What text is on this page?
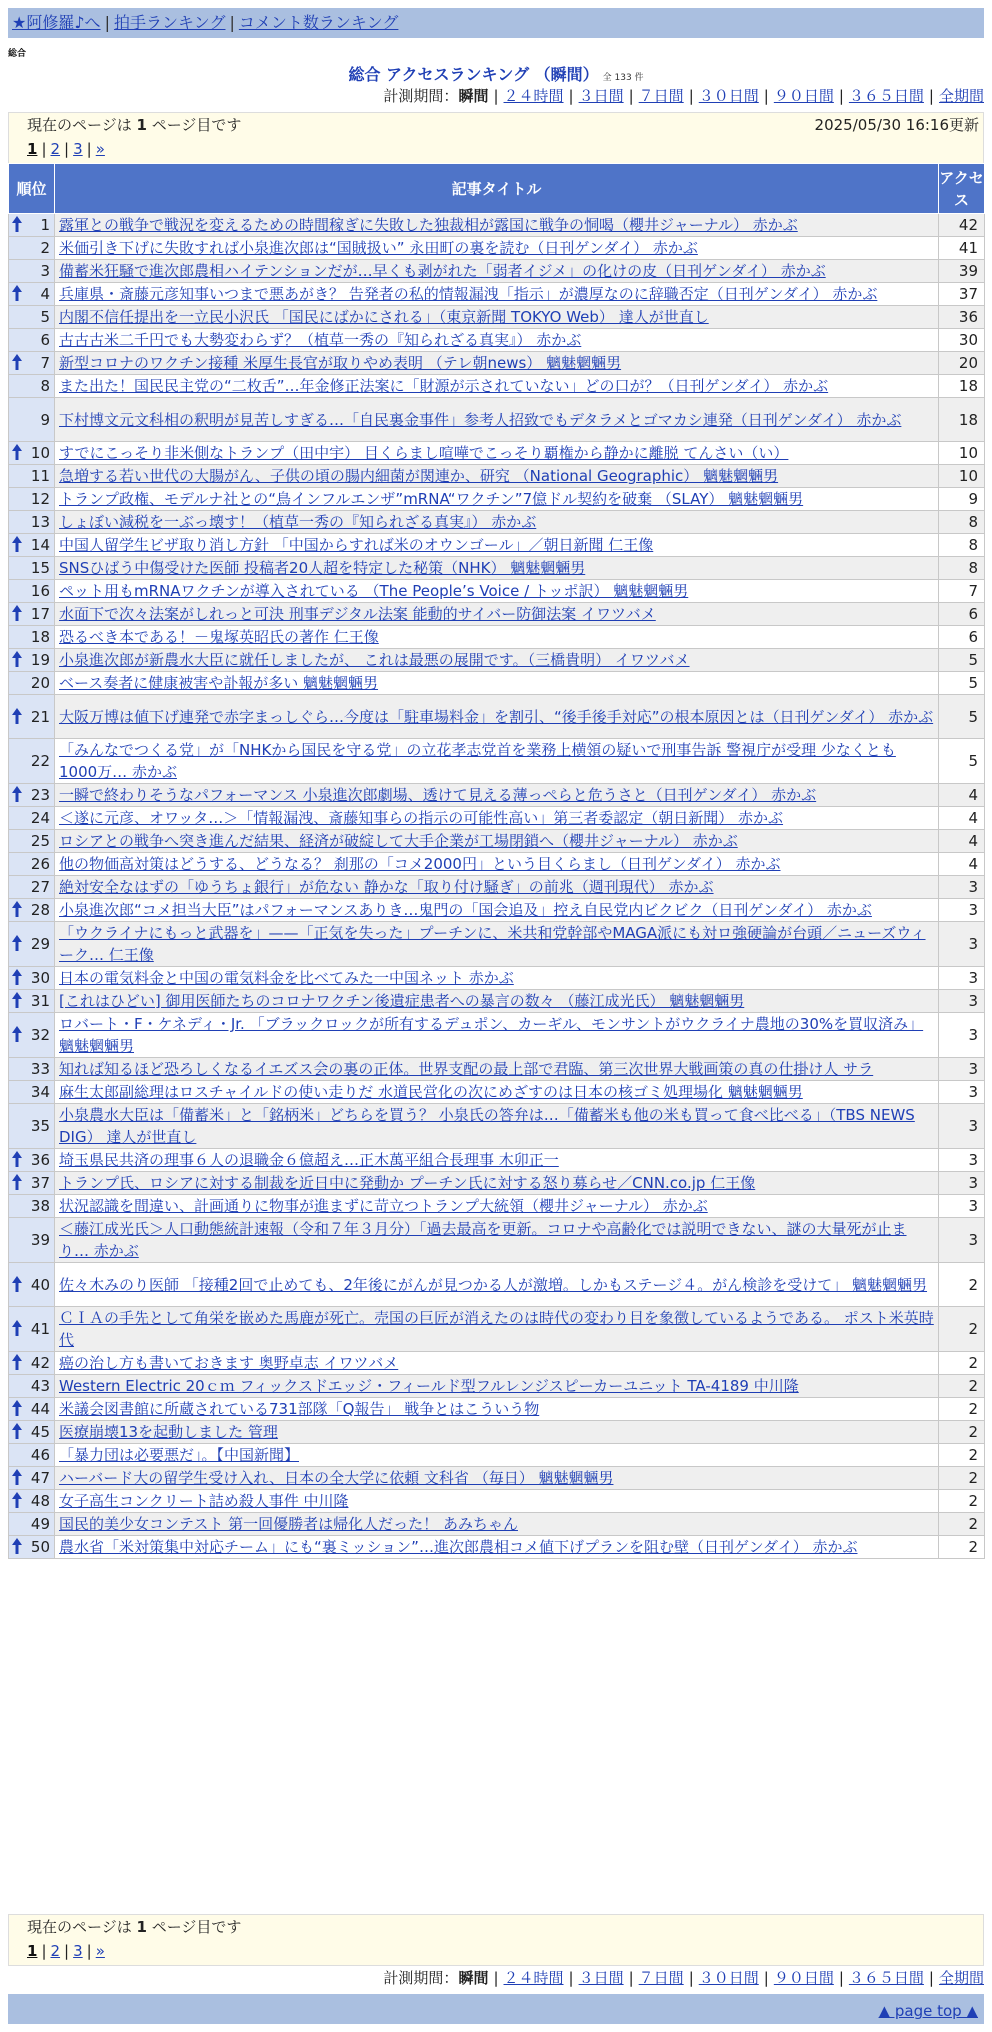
★阿修羅♪へ | 拍手ランキング | コメント数ランキング
総合
総合 アクセスランキング （瞬間） 全 133 件
計測期間：瞬間 | ２４時間 | ３日間 | ７日間 | ３０日間 | ９０日間 | ３６５日間 | 全期間
現在のページは 1 ページ目です	2025/05/30 16:16更新
1 | 2 | 3 | »
順位	記事タイトル	アクセス

1	露軍との戦争で戦況を変えるための時間稼ぎに失敗した独裁相が露国に戦争の恫喝（櫻井ジャーナル） 赤かぶ	42
2	米価引き下げに失敗すれば小泉進次郎は“国賊扱い” 永田町の裏を読む（日刊ゲンダイ） 赤かぶ	41
3	備蓄米狂騒で進次郎農相ハイテンションだが…早くも剥がれた「弱者イジメ」の化けの皮（日刊ゲンダイ） 赤かぶ	39

4	兵庫県・斎藤元彦知事いつまで悪あがき？ 告発者の私的情報漏洩「指示」が濃厚なのに辞職否定（日刊ゲンダイ） 赤かぶ	37
5	内閣不信任提出を一立民小沢氏 「国民にばかにされる」（東京新聞 TOKYO Web） 達人が世直し	36
6	古古古米二千円でも大勢変わらず？（植草一秀の『知られざる真実』） 赤かぶ	30

7	新型コロナのワクチン接種 米厚生長官が取りやめ表明 （テレ朝news） 魑魅魍魎男	20
8	また出た！国民民主党の“二枚舌”…年金修正法案に「財源が示されていない」どの口が？（日刊ゲンダイ） 赤かぶ	18
9	下村博文元文科相の釈明が見苦しすぎる…「自民裏金事件」参考人招致でもデタラメとゴマカシ連発（日刊ゲンダイ） 赤かぶ	18

10	すでにこっそり非米側なトランプ（田中宇） 目くらまし喧嘩でこっそり覇権から静かに離脱 てんさい（い）	10
11	急増する若い世代の大腸がん、子供の頃の腸内細菌が関連か、研究 （National Geographic） 魑魅魍魎男	10
12	トランプ政権、モデルナ社との“鳥インフルエンザ”mRNA“ワクチン”7億ドル契約を破棄 （SLAY） 魑魅魍魎男	9
13	しょぼい減税を一ぶっ壊す！（植草一秀の『知られざる真実』） 赤かぶ	8

14	中国人留学生ビザ取り消し方針 「中国からすれば米のオウンゴール」／朝日新聞 仁王像	8
15	SNSひばう中傷受けた医師 投稿者20人超を特定した秘策（NHK） 魑魅魍魎男	8
16	ペット用もmRNAワクチンが導入されている （The People’s Voice / トッポ訳） 魑魅魍魎男	7

17	水面下で次々法案がしれっと可決 刑事デジタル法案 能動的サイバー防御法案 イワツバメ	6
18	恐るべき本である！－鬼塚英昭氏の著作 仁王像	6

19	小泉進次郎が新農水大臣に就任しましたが、 これは最悪の展開です。（三橋貴明） イワツバメ	5
20	ベース奏者に健康被害や訃報が多い 魑魅魍魎男	5

21	大阪万博は値下げ連発で赤字まっしぐら…今度は「駐車場料金」を割引、“後手後手対応”の根本原因とは（日刊ゲンダイ） 赤かぶ	5
22	「みんなでつくる党」が「NHKから国民を守る党」の立花孝志党首を業務上横領の疑いで刑事告訴 警視庁が受理 少なくとも1000万… 赤かぶ	5

23	一瞬で終わりそうなパフォーマンス 小泉進次郎劇場、透けて見える薄っぺらと危うさと（日刊ゲンダイ） 赤かぶ	4
24	＜遂に元彦、オワッタ…＞「情報漏洩、斎藤知事らの指示の可能性高い」第三者委認定（朝日新聞） 赤かぶ	4
25	ロシアとの戦争へ突き進んだ結果、経済が破綻して大手企業が工場閉鎖へ（櫻井ジャーナル） 赤かぶ	4
26	他の物価高対策はどうする、どうなる？ 刹那の「コメ2000円」という目くらまし（日刊ゲンダイ） 赤かぶ	4
27	絶対安全なはずの「ゆうちょ銀行」が危ない 静かな「取り付け騒ぎ」の前兆（週刊現代） 赤かぶ	3

28	小泉進次郎“コメ担当大臣”はパフォーマンスありき…鬼門の「国会追及」控え自民党内ビクビク（日刊ゲンダイ） 赤かぶ	3

29	「ウクライナにもっと武器を」——「正気を失った」プーチンに、米共和党幹部やMAGA派にも対ロ強硬論が台頭／ニューズウィーク… 仁王像	3

30	日本の電気料金と中国の電気料金を比べてみた一中国ネット 赤かぶ	3

31	[これはひどい] 御用医師たちのコロナワクチン後遺症患者への暴言の数々 （藤江成光氏） 魑魅魍魎男	3

32	ロバート・F・ケネディ・Jr. 「ブラックロックが所有するデュポン、カーギル、モンサントがウクライナ農地の30%を買収済み」 魑魅魍魎男	3
33	知れば知るほど恐ろしくなるイエズス会の裏の正体。世界支配の最上部で君臨、第三次世界大戦画策の真の仕掛け人 サラ	3
34	麻生太郎副総理はロスチャイルドの使い走りだ 水道民営化の次にめざすのは日本の核ゴミ処理場化 魑魅魍魎男	3
35	小泉農水大臣は「備蓄米」と「銘柄米」どちらを買う？ 小泉氏の答弁は…「備蓄米も他の米も買って食べ比べる」（TBS NEWS DIG） 達人が世直し	3

36	埼玉県民共済の理事６人の退職金６億超え…正木萬平組合長理事 木卯正一	3

37	トランプ氏、ロシアに対する制裁を近日中に発動か プーチン氏に対する怒り募らせ／CNN.co.jp 仁王像	3
38	状況認識を間違い、計画通りに物事が進まずに苛立つトランプ大統領（櫻井ジャーナル） 赤かぶ	3
39	＜藤江成光氏＞人口動態統計速報（令和７年３月分）「過去最高を更新。コロナや高齢化では説明できない、謎の大量死が止まり… 赤かぶ	3

40	佐々木みのり医師 「接種2回で止めても、2年後にがんが見つかる人が激増。しかもステージ４。がん検診を受けて」 魑魅魍魎男	2

41	ＣＩＡの手先として角栄を嵌めた馬鹿が死亡。売国の巨匠が消えたのは時代の変わり目を象徴しているようである。 ポスト米英時代	2

42	癌の治し方も書いておきます 奥野卓志 イワツバメ	2
43	Western Electric 20ｃｍ フィックスドエッジ・フィールド型フルレンジスピーカーユニット TA-4189 中川隆	2

44	米議会図書館に所蔵されている731部隊「Q報告」 戦争とはこういう物	2

45	医療崩壊13を起動しました 管理	2
46	「暴力団は必要悪だ」。【中国新聞】	2

47	ハーバード大の留学生受け入れ、日本の全大学に依頼 文科省 （毎日） 魑魅魍魎男	2

48	女子高生コンクリート詰め殺人事件 中川隆	2
49	国民的美少女コンテスト 第一回優勝者は帰化人だった！ あみちゃん	2

50	農水省「米対策集中対応チーム」にも“裏ミッション”…進次郎農相コメ値下げプランを阻む壁（日刊ゲンダイ） 赤かぶ	2
現在のページは 1 ページ目です
1 | 2 | 3 | »
計測期間：瞬間 | ２４時間 | ３日間 | ７日間 | ３０日間 | ９０日間 | ３６５日間 | 全期間
▲ page top ▲
